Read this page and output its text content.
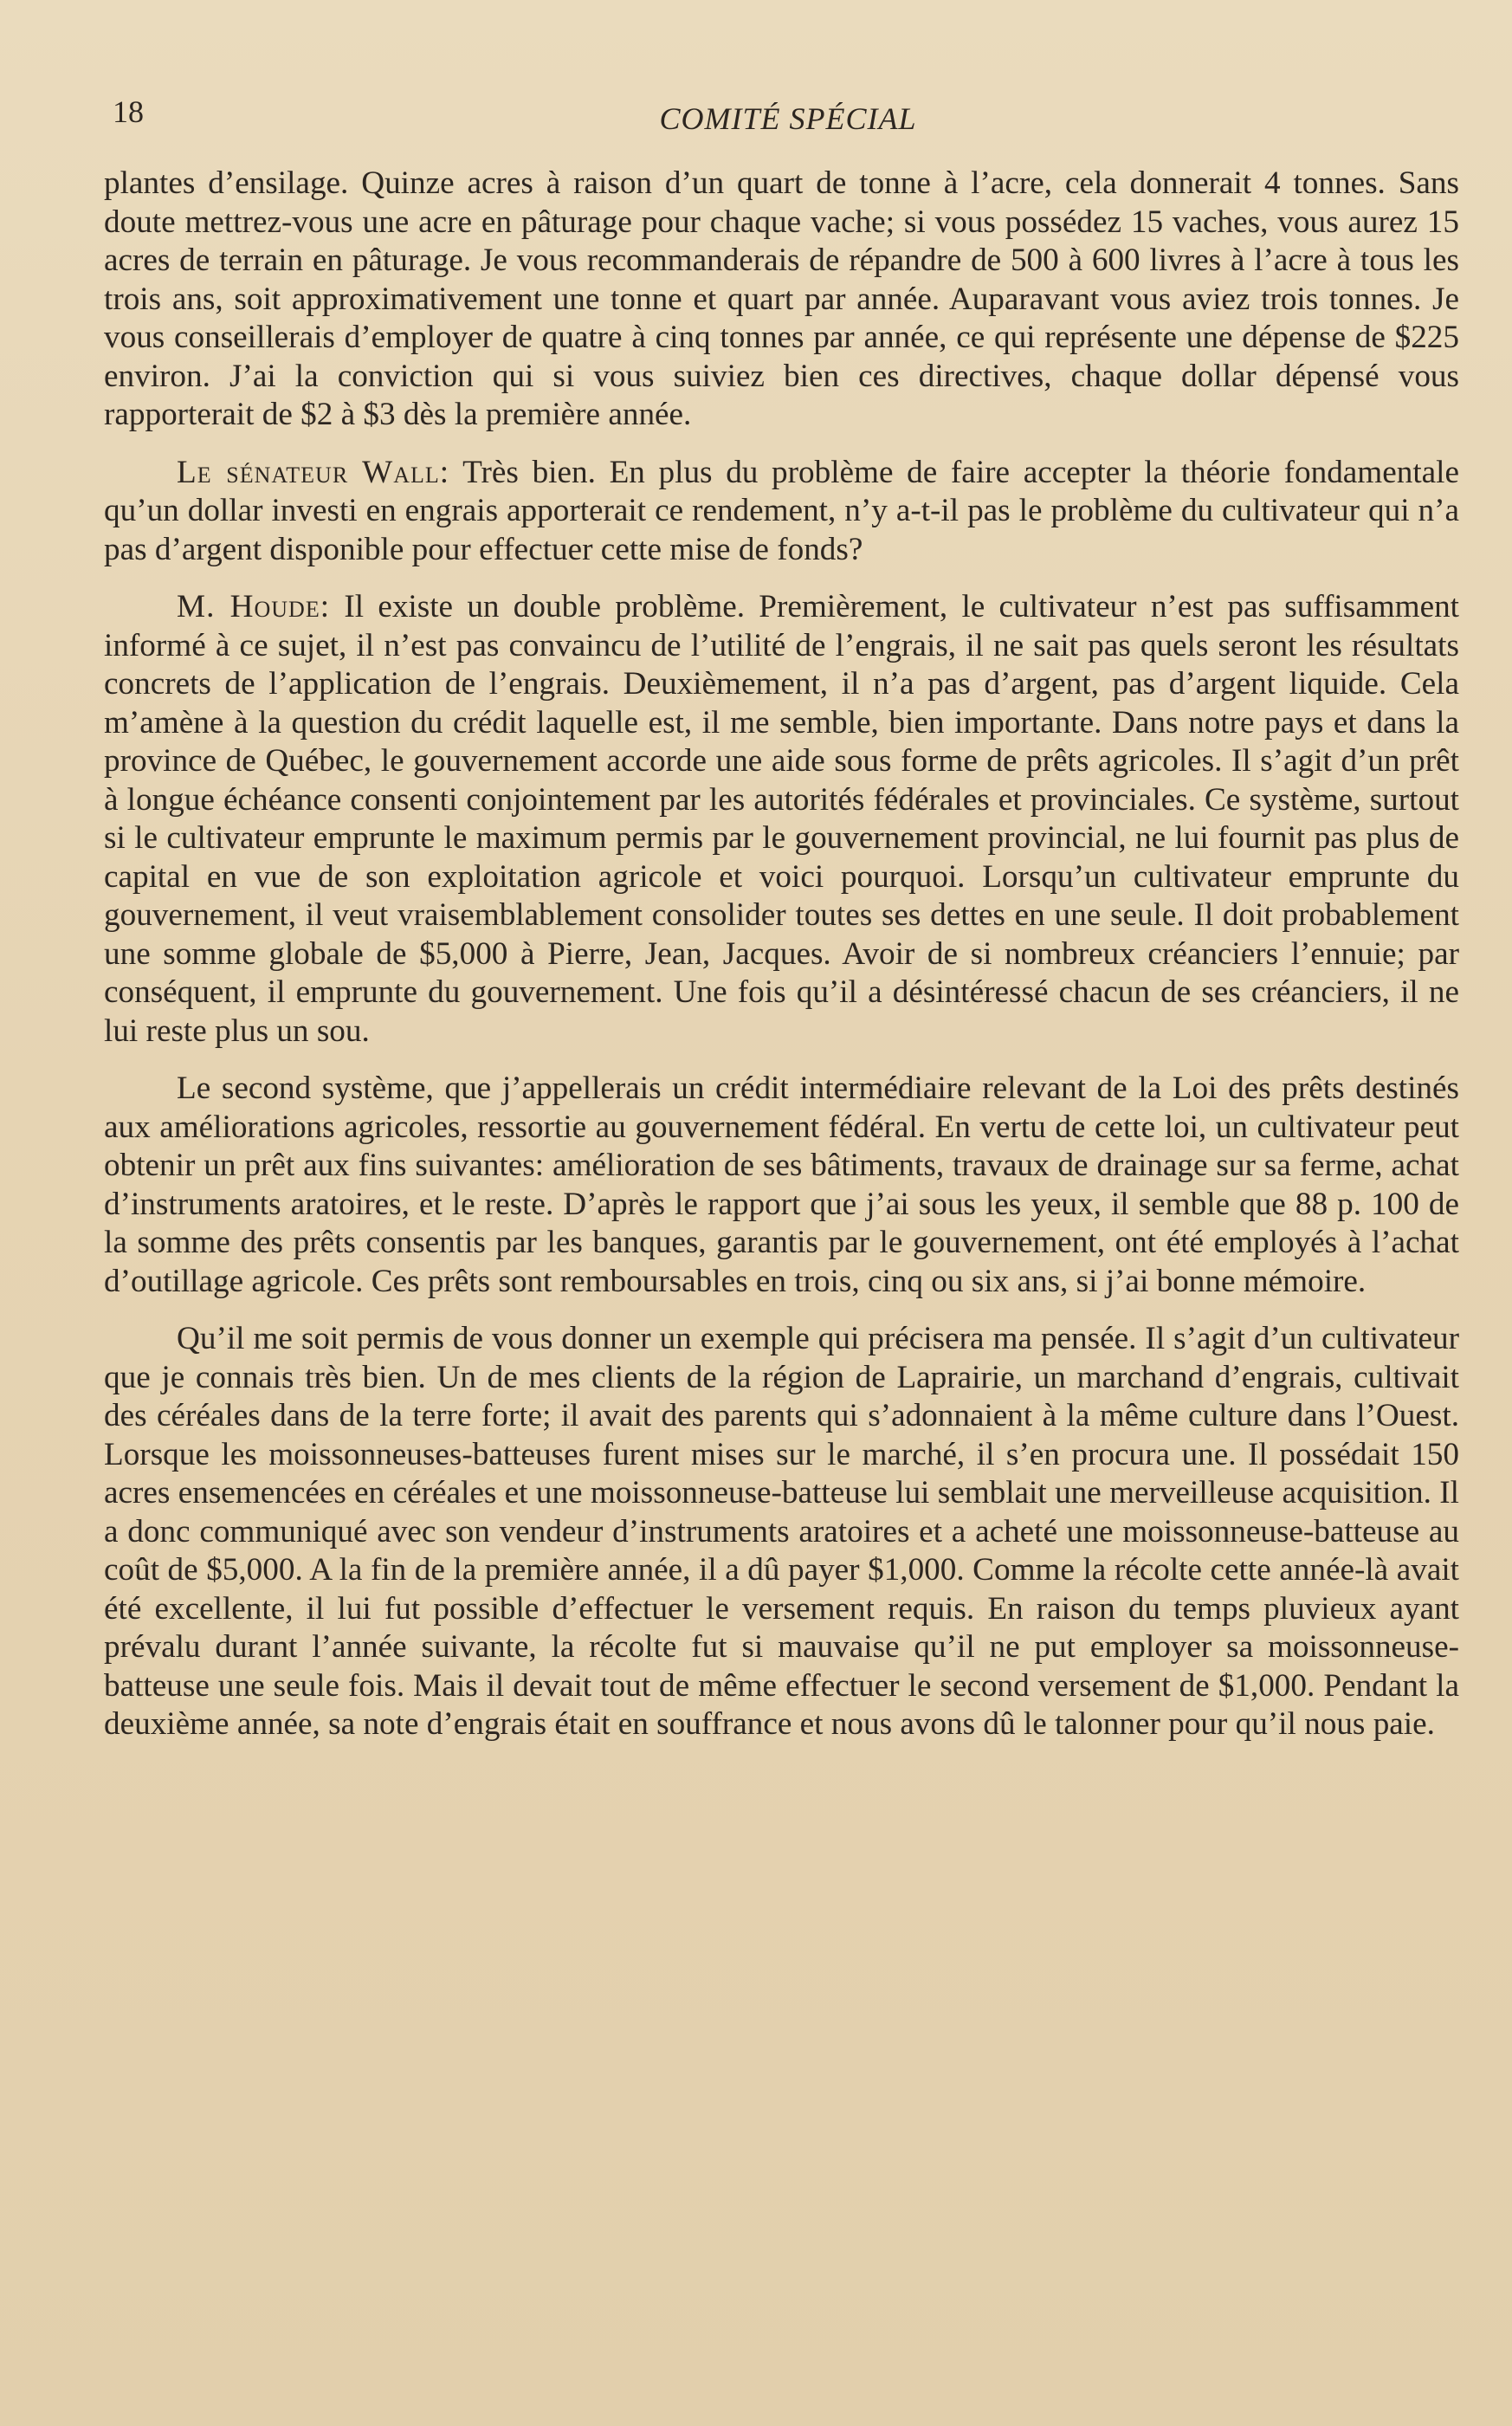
18	COMITÉ SPÉCIAL

plantes d’ensilage. Quinze acres à raison d’un quart de tonne à l’acre, cela donnerait 4 tonnes. Sans doute mettrez-vous une acre en pâturage pour chaque vache; si vous possédez 15 vaches, vous aurez 15 acres de terrain en pâturage. Je vous recommanderais de répandre de 500 à 600 livres à l’acre à tous les trois ans, soit approximativement une tonne et quart par année. Auparavant vous aviez trois tonnes. Je vous conseillerais d’employer de quatre à cinq tonnes par année, ce qui représente une dépense de $225 environ. J’ai la conviction qui si vous suiviez bien ces directives, chaque dollar dépensé vous rapporterait de $2 à $3 dès la première année.

Le sénateur Wall: Très bien. En plus du problème de faire accepter la théorie fondamentale qu’un dollar investi en engrais apporterait ce rendement, n’y a-t-il pas le problème du cultivateur qui n’a pas d’argent disponible pour effectuer cette mise de fonds?

M. Houde: Il existe un double problème. Premièrement, le cultivateur n’est pas suffisamment informé à ce sujet, il n’est pas convaincu de l’utilité de l’engrais, il ne sait pas quels seront les résultats concrets de l’application de l’engrais. Deuxièmement, il n’a pas d’argent, pas d’argent liquide. Cela m’amène à la question du crédit laquelle est, il me semble, bien importante. Dans notre pays et dans la province de Québec, le gouvernement accorde une aide sous forme de prêts agricoles. Il s’agit d’un prêt à longue échéance consenti conjointement par les autorités fédérales et provinciales. Ce système, surtout si le cultivateur emprunte le maximum permis par le gouvernement provincial, ne lui fournit pas plus de capital en vue de son exploitation agricole et voici pourquoi. Lorsqu’un cultivateur emprunte du gouvernement, il veut vraisemblablement consolider toutes ses dettes en une seule. Il doit probablement une somme globale de $5,000 à Pierre, Jean, Jacques. Avoir de si nombreux créanciers l’ennuie; par conséquent, il emprunte du gouvernement. Une fois qu’il a désintéressé chacun de ses créanciers, il ne lui reste plus un sou.

Le second système, que j’appellerais un crédit intermédiaire relevant de la Loi des prêts destinés aux améliorations agricoles, ressortie au gouvernement fédéral. En vertu de cette loi, un cultivateur peut obtenir un prêt aux fins suivantes: amélioration de ses bâtiments, travaux de drainage sur sa ferme, achat d’instruments aratoires, et le reste. D’après le rapport que j’ai sous les yeux, il semble que 88 p. 100 de la somme des prêts consentis par les banques, garantis par le gouvernement, ont été employés à l’achat d’outillage agricole. Ces prêts sont remboursables en trois, cinq ou six ans, si j’ai bonne mémoire.

Qu’il me soit permis de vous donner un exemple qui précisera ma pensée. Il s’agit d’un cultivateur que je connais très bien. Un de mes clients de la région de Laprairie, un marchand d’engrais, cultivait des céréales dans de la terre forte; il avait des parents qui s’adonnaient à la même culture dans l’Ouest. Lorsque les moissonneuses-batteuses furent mises sur le marché, il s’en procura une. Il possédait 150 acres ensemencées en céréales et une moissonneuse-batteuse lui semblait une merveilleuse acquisition. Il a donc communiqué avec son vendeur d’instruments aratoires et a acheté une moissonneuse-batteuse au coût de $5,000. A la fin de la première année, il a dû payer $1,000. Comme la récolte cette année-là avait été excellente, il lui fut possible d’effectuer le versement requis. En raison du temps pluvieux ayant prévalu durant l’année suivante, la récolte fut si mauvaise qu’il ne put employer sa moissonneuse-batteuse une seule fois. Mais il devait tout de même effectuer le second versement de $1,000. Pendant la deuxième année, sa note d’engrais était en souffrance et nous avons dû le talonner pour qu’il nous paie.
